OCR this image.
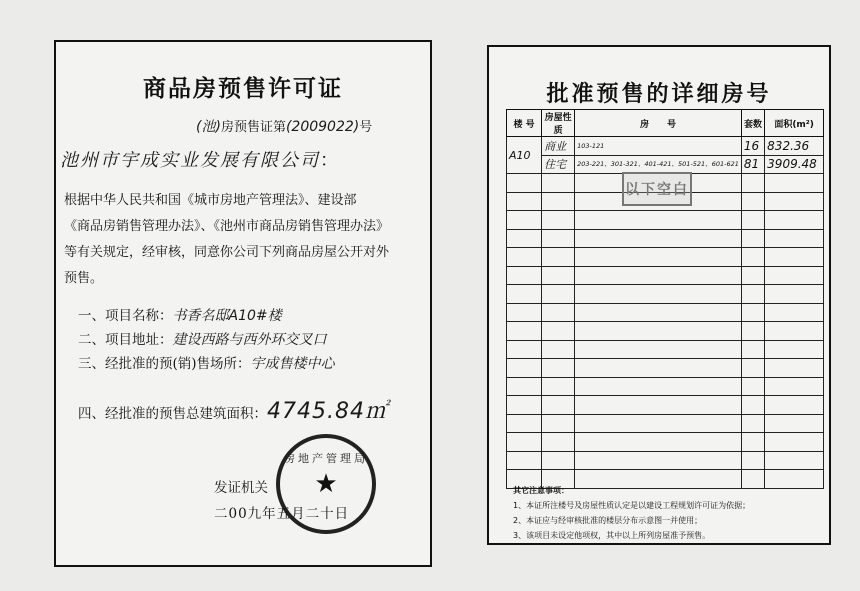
商品房预售许可证
(池)房预售证第(2009022)号
池州市宇成实业发展有限公司：

根据中华人民共和国《城市房地产管理法》、建设部

《商品房销售管理办法》、《池州市商品房销售管理办法》

等有关规定，经审核，同意你公司下列商品房屋公开对外

预售。

一、项目名称：书香名邸A10#楼
二、项目地址：建设西路与西外环交叉口
三、经批准的预(销)售场所：宇成售楼中心
四、经批准的预售总建筑面积：4745.84㎡
房地产管理局
★
发证机关
二00九年五月二十日
批准预售的详细房号
楼 号	房屋性质	房　　号	套数	面积(m²)
A10	商业	103-121	16	832.36
	住宅	203-221、301-321、401-421、501-521、601-621	81	3909.48

以下空白
其它注意事项：
1、本证所注楼号及房屋性质认定是以建设工程规划许可证为依据；
2、本证应与经审核批准的楼层分布示意图一并使用；
3、该项目未设定他项权，其中以上所列房屋准予预售。
